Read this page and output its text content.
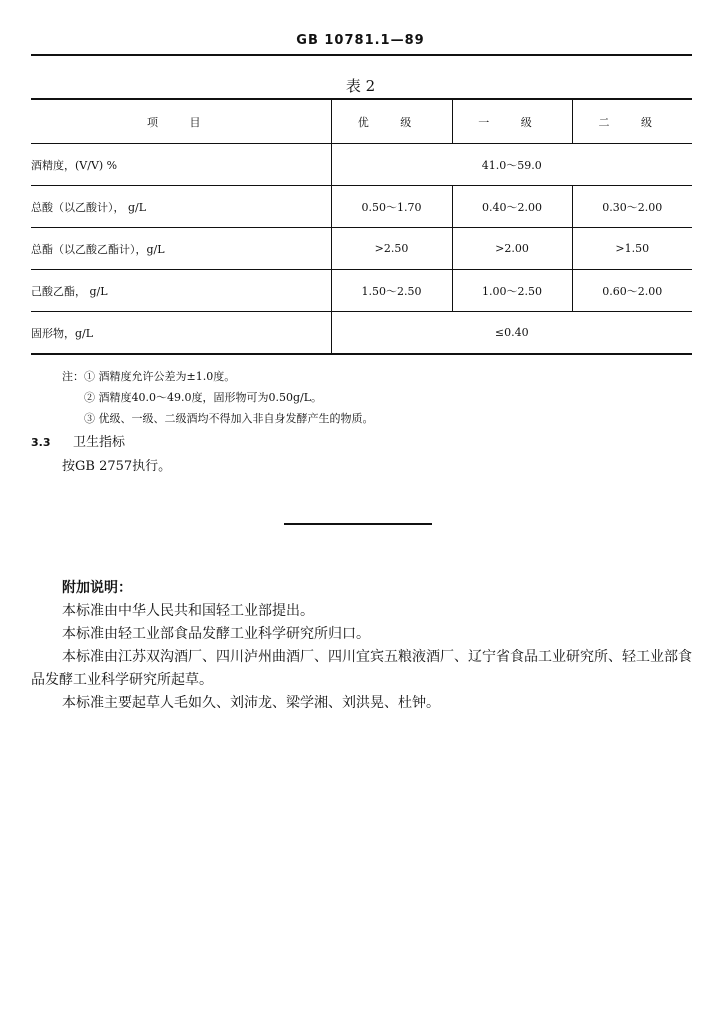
GB 10781.1—89
表 2
项 目	优 级	一 级	二 级
酒精度，(V/V) %	41.0～59.0		
总酸（以乙酸计）， g/L	0.50～1.70	0.40～2.00	0.30～2.00
总酯（以乙酸乙酯计），g/L	>2.50	>2.00	>1.50
己酸乙酯， g/L	1.50～2.50	1.00～2.50	0.60～2.00
固形物，g/L	≤0.40		
注：① 酒精度允许公差为±1.0度。
② 酒精度40.0～49.0度，固形物可为0.50g/L。
③ 优级、一级、二级酒均不得加入非自身发酵产生的物质。
3.3 卫生指标
按GB 2757执行。
附加说明：

本标准由中华人民共和国轻工业部提出。

本标准由轻工业部食品发酵工业科学研究所归口。

本标准由江苏双沟酒厂、四川泸州曲酒厂、四川宜宾五粮液酒厂、辽宁省食品工业研究所、轻工业部食品发酵工业科学研究所起草。

本标准主要起草人毛如久、刘沛龙、梁学湘、刘洪晃、杜钟。
